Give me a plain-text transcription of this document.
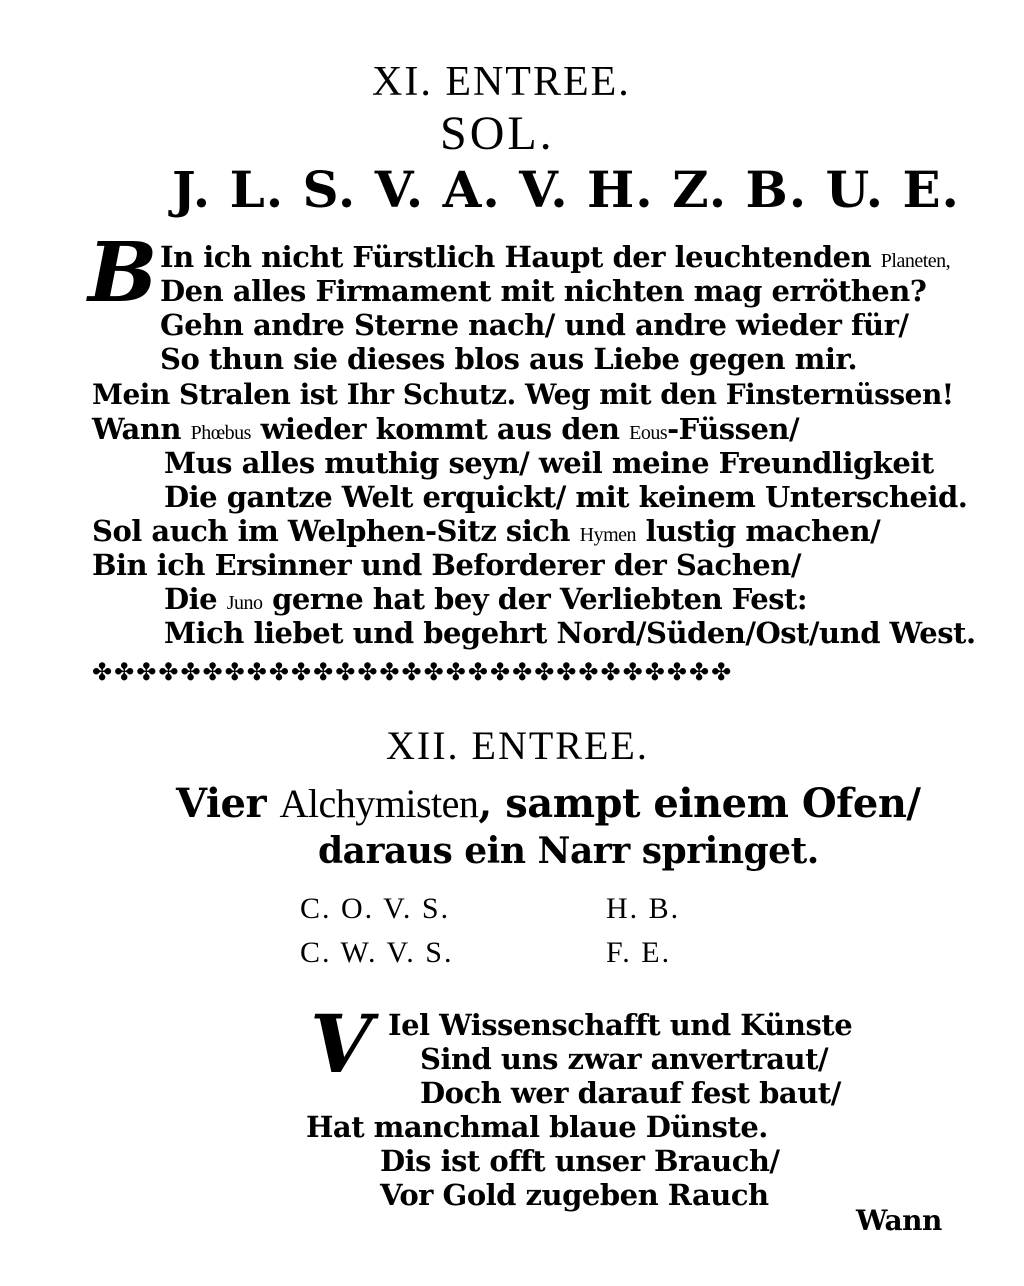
XI. ENTREE.
SOL.
J. L. S. V. A. V. H. Z. B. U. E.
B In ich nicht Fürstlich Haupt der leuchtenden Planeten,
Den alles Firmament mit nichten mag erröthen?
Gehn andre Sterne nach/ und andre wieder für/
So thun sie dieses blos aus Liebe gegen mir.
Mein Stralen ist Ihr Schutz. Weg mit den Finsternüssen!
Wann Phœbus wieder kommt aus den Eous-Füssen/
Mus alles muthig seyn/ weil meine Freundligkeit
Die gantze Welt erquickt/ mit keinem Unterscheid.
Sol auch im Welphen-Sitz sich Hymen lustig machen/
Bin ich Ersinner und Beforderer der Sachen/
Die Juno gerne hat bey der Verliebten Fest:
Mich liebet und begehrt Nord/Süden/Ost/und West.
✤✤✤✤✤✤✤✤✤✤✤✤✤✤✤✤✤✤✤✤✤✤✤✤✤✤✤✤✤
XII. ENTREE.
Vier Alchymisten, sampt einem Ofen/
daraus ein Narr springet.
C. O. V. S.	H. B.
C. W. V. S.	F. E.
V Iel Wissenschafft und Künste
Sind uns zwar anvertraut/
Doch wer darauf fest baut/
Hat manchmal blaue Dünste.
Dis ist offt unser Brauch/
Vor Gold zugeben Rauch
Wann
